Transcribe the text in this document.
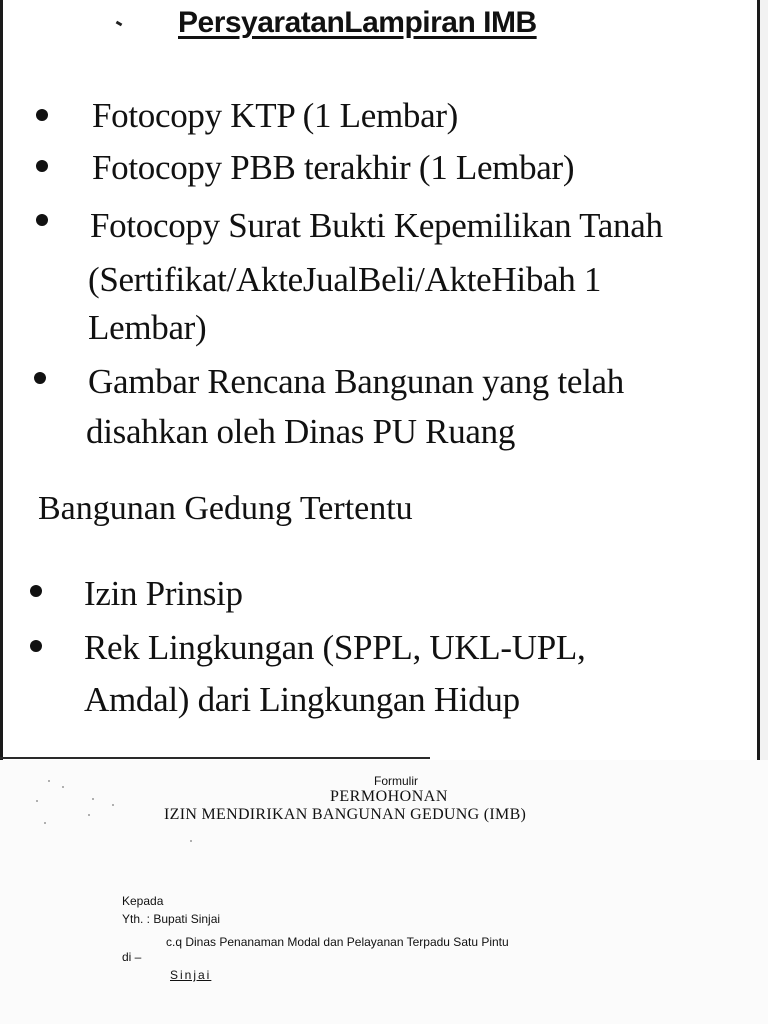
PersyaratanLampiran IMB
Fotocopy KTP (1 Lembar)
Fotocopy PBB terakhir (1 Lembar)
Fotocopy Surat Bukti Kepemilikan Tanah
(Sertifikat/AkteJualBeli/AkteHibah 1
Lembar)
Gambar Rencana Bangunan yang telah
disahkan oleh Dinas PU Ruang
Bangunan Gedung Tertentu
Izin Prinsip
Rek Lingkungan (SPPL, UKL-UPL,
Amdal) dari Lingkungan Hidup
Formulir
PERMOHONAN
IZIN MENDIRIKAN BANGUNAN GEDUNG (IMB)
Kepada
Yth. : Bupati Sinjai
c.q Dinas Penanaman Modal dan Pelayanan Terpadu Satu Pintu
di –
Sinjai
